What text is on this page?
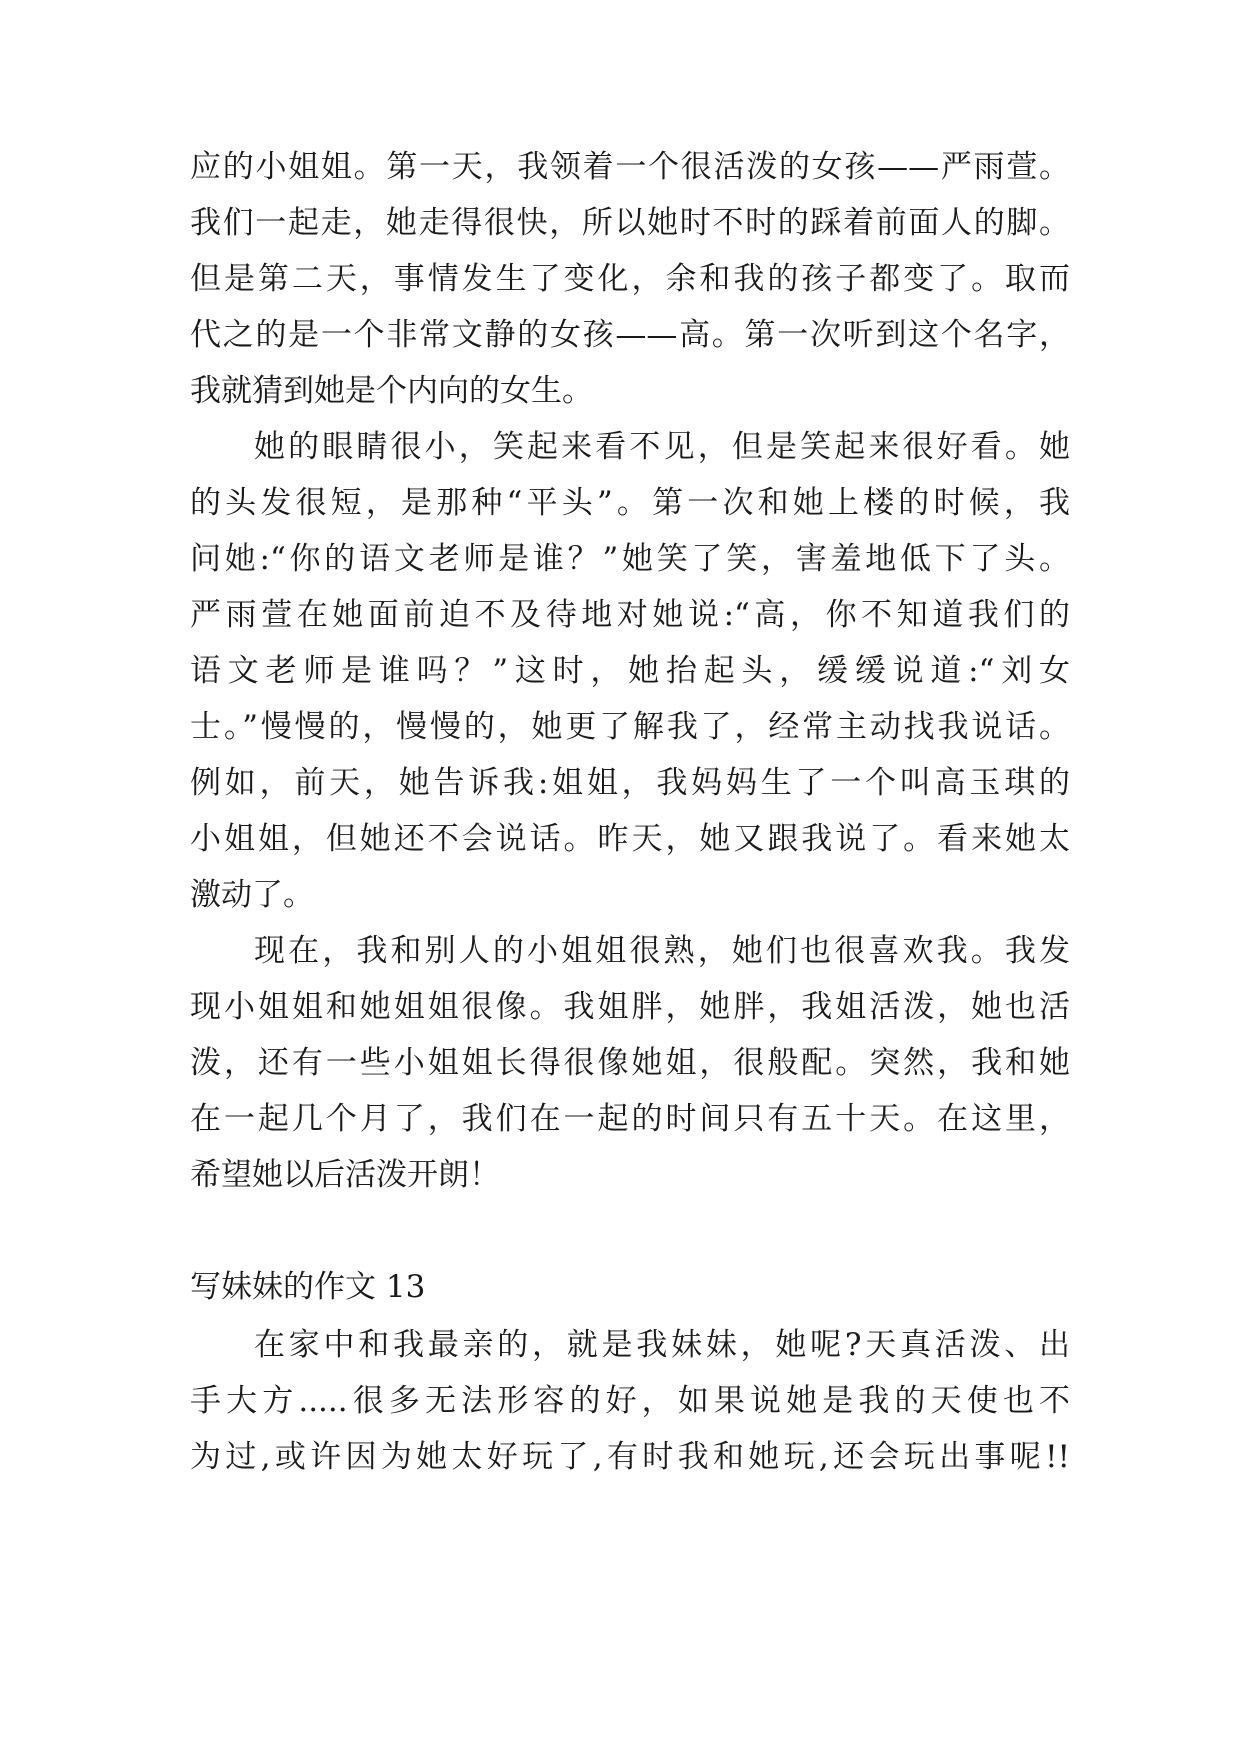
应的小姐姐。第一天，我领着一个很活泼的女孩——严雨萱。
我们一起走，她走得很快，所以她时不时的踩着前面人的脚。
但是第二天，事情发生了变化，余和我的孩子都变了。取而
代之的是一个非常文静的女孩——高。第一次听到这个名字，
我就猜到她是个内向的女生。
她的眼睛很小，笑起来看不见，但是笑起来很好看。她
的头发很短，是那种“平头”。第一次和她上楼的时候，我
问她:“你的语文老师是谁？”她笑了笑，害羞地低下了头。
严雨萱在她面前迫不及待地对她说:“高，你不知道我们的
语文老师是谁吗？”这时，她抬起头，缓缓说道:“刘女
士。”慢慢的，慢慢的，她更了解我了，经常主动找我说话。
例如，前天，她告诉我:姐姐，我妈妈生了一个叫高玉琪的
小姐姐，但她还不会说话。昨天，她又跟我说了。看来她太
激动了。
现在，我和别人的小姐姐很熟，她们也很喜欢我。我发
现小姐姐和她姐姐很像。我姐胖，她胖，我姐活泼，她也活
泼，还有一些小姐姐长得很像她姐，很般配。突然，我和她
在一起几个月了，我们在一起的时间只有五十天。在这里，
希望她以后活泼开朗！
写妹妹的作文 13
在家中和我最亲的，就是我妹妹，她呢?天真活泼、出
手大方.....很多无法形容的好，如果说她是我的天使也不
为过,或许因为她太好玩了,有时我和她玩,还会玩出事呢!!
